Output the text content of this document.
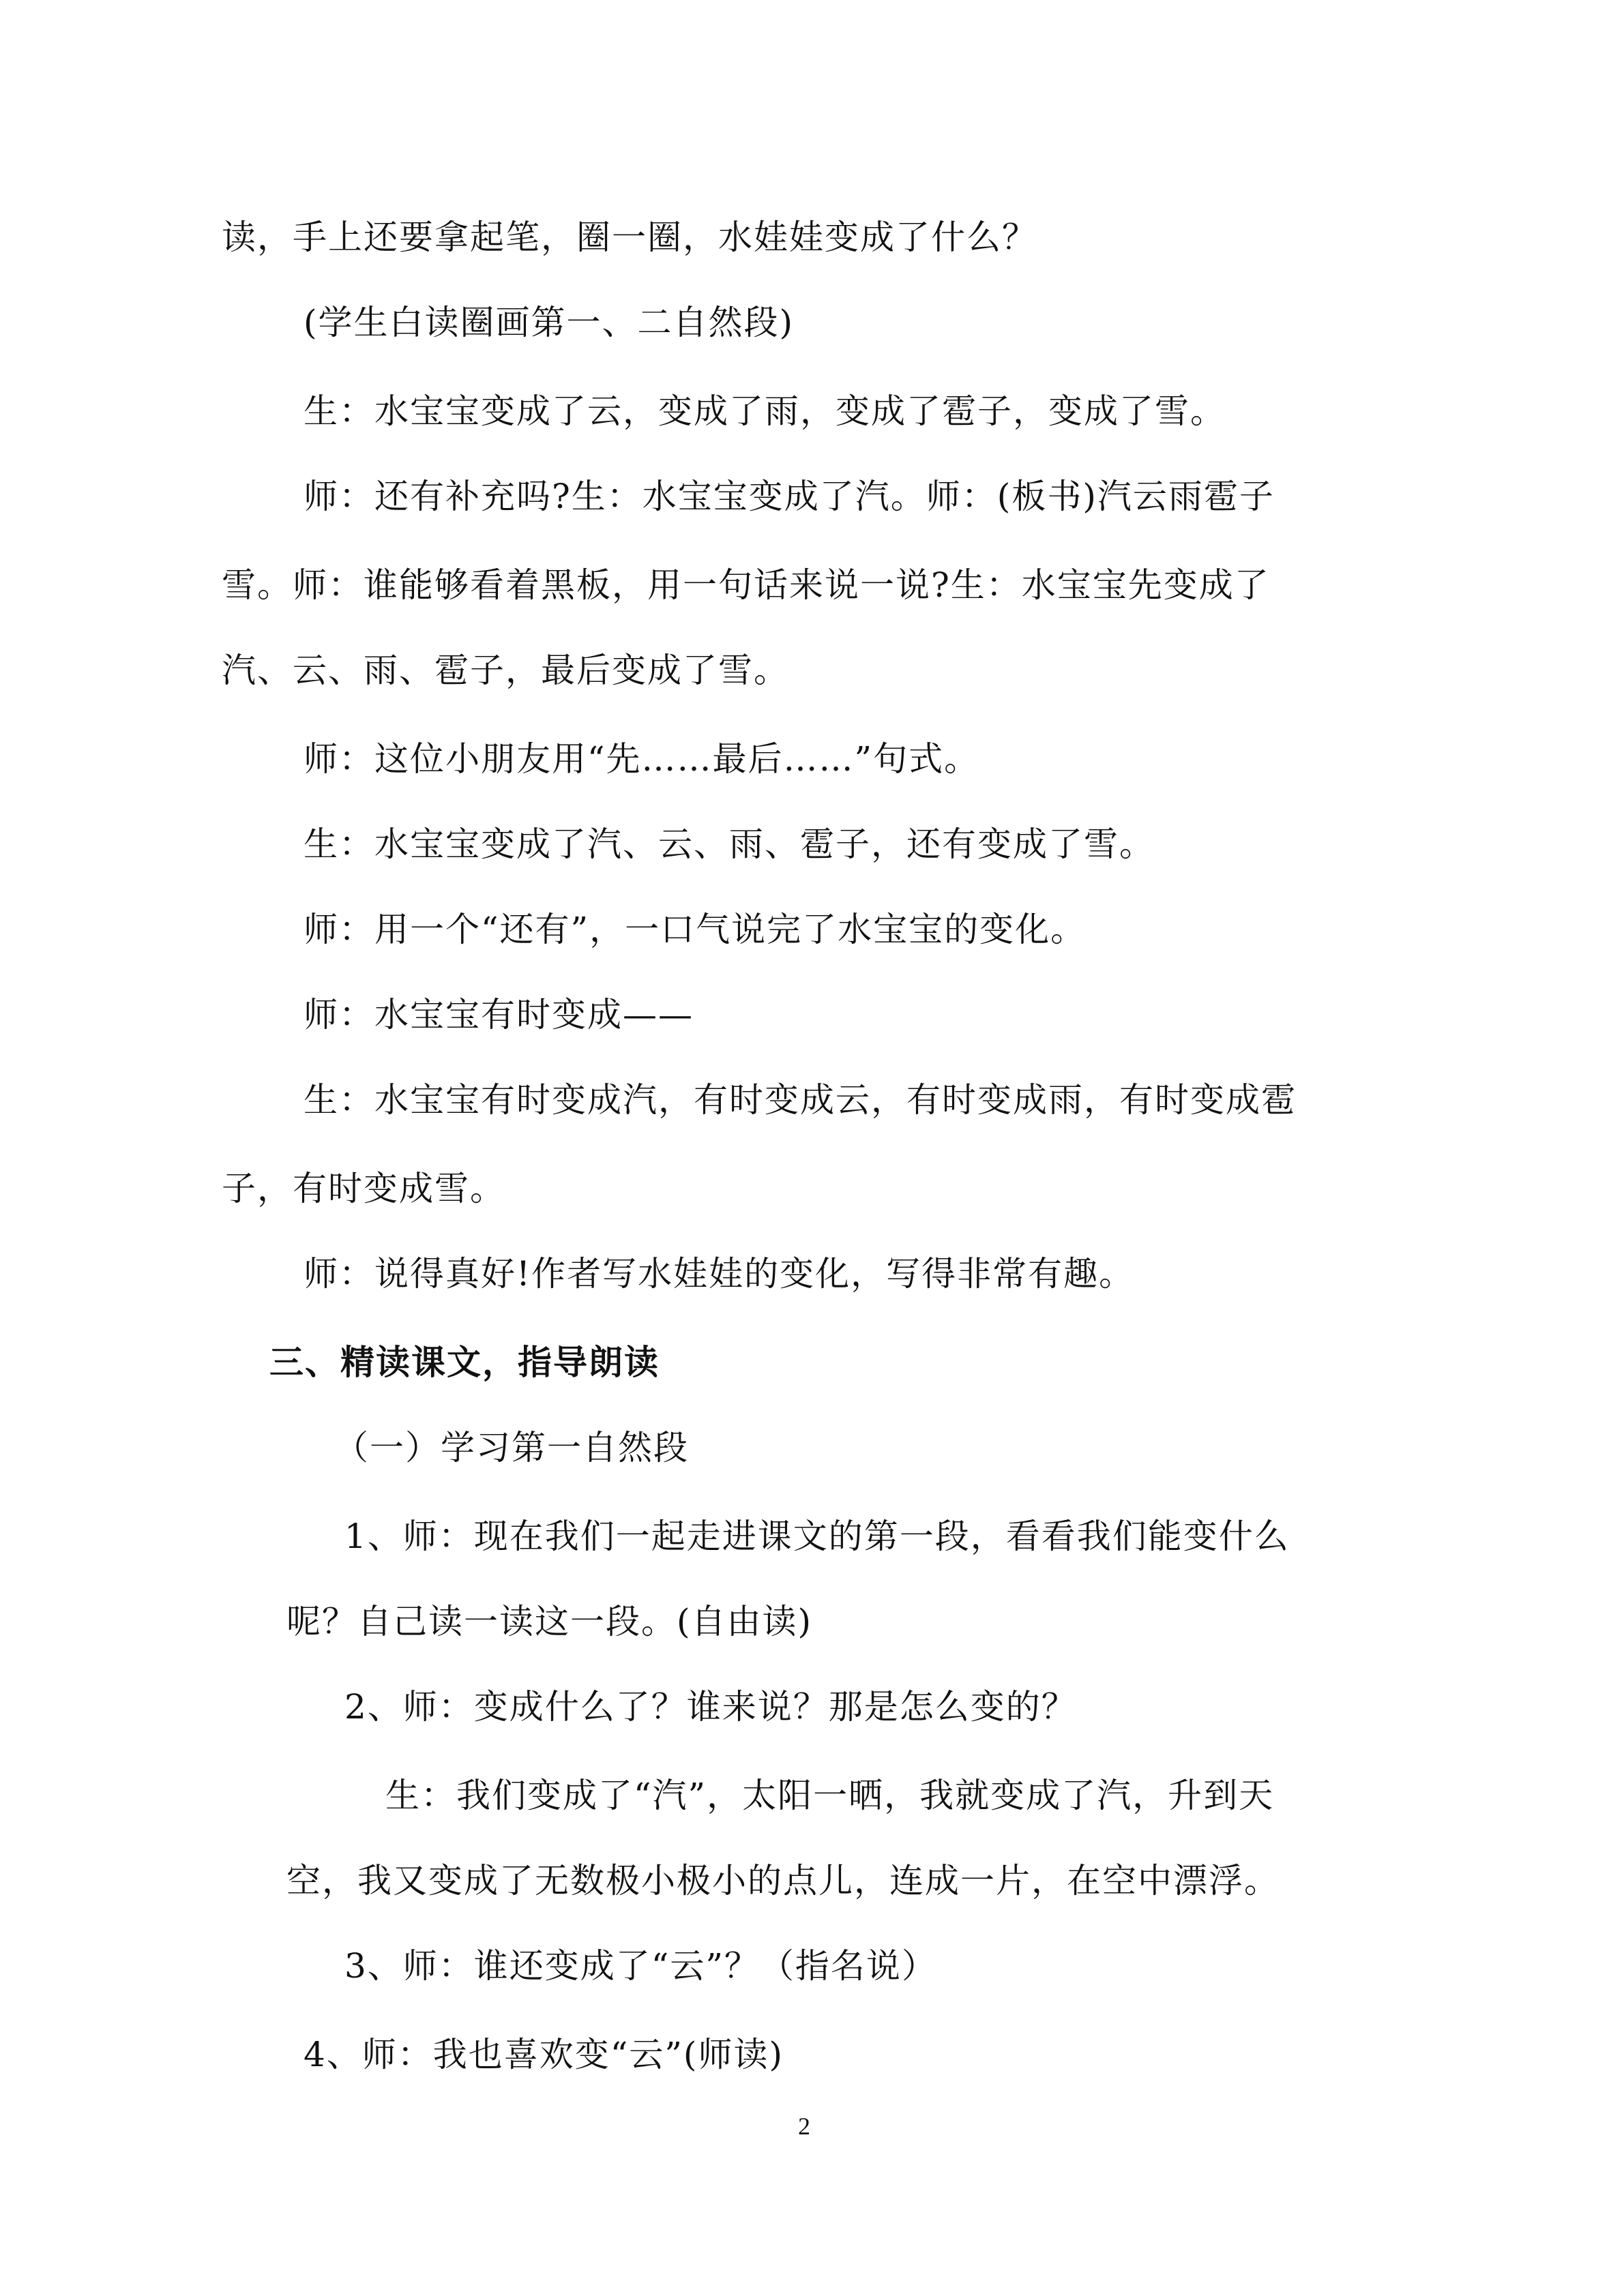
读，手上还要拿起笔，圈一圈，水娃娃变成了什么？
(学生白读圈画第一、二自然段)
生：水宝宝变成了云，变成了雨，变成了雹子，变成了雪。
师：还有补充吗?生：水宝宝变成了汽。师：(板书)汽云雨雹子
雪。师：谁能够看着黑板，用一句话来说一说?生：水宝宝先变成了
汽、云、雨、雹子，最后变成了雪。
师：这位小朋友用“先……最后……”句式。
生：水宝宝变成了汽、云、雨、雹子，还有变成了雪。
师：用一个“还有”，一口气说完了水宝宝的变化。
师：水宝宝有时变成——
生：水宝宝有时变成汽，有时变成云，有时变成雨，有时变成雹
子，有时变成雪。
师：说得真好!作者写水娃娃的变化，写得非常有趣。
三、精读课文，指导朗读
（一）学习第一自然段
1、师：现在我们一起走进课文的第一段，看看我们能变什么
呢？自己读一读这一段。(自由读)
2、师：变成什么了？谁来说？那是怎么变的？
生：我们变成了“汽”，太阳一晒，我就变成了汽，升到天
空，我又变成了无数极小极小的点儿，连成一片，在空中漂浮。
3、师：谁还变成了“云”？（指名说）
4、师：我也喜欢变“云”(师读)
2
